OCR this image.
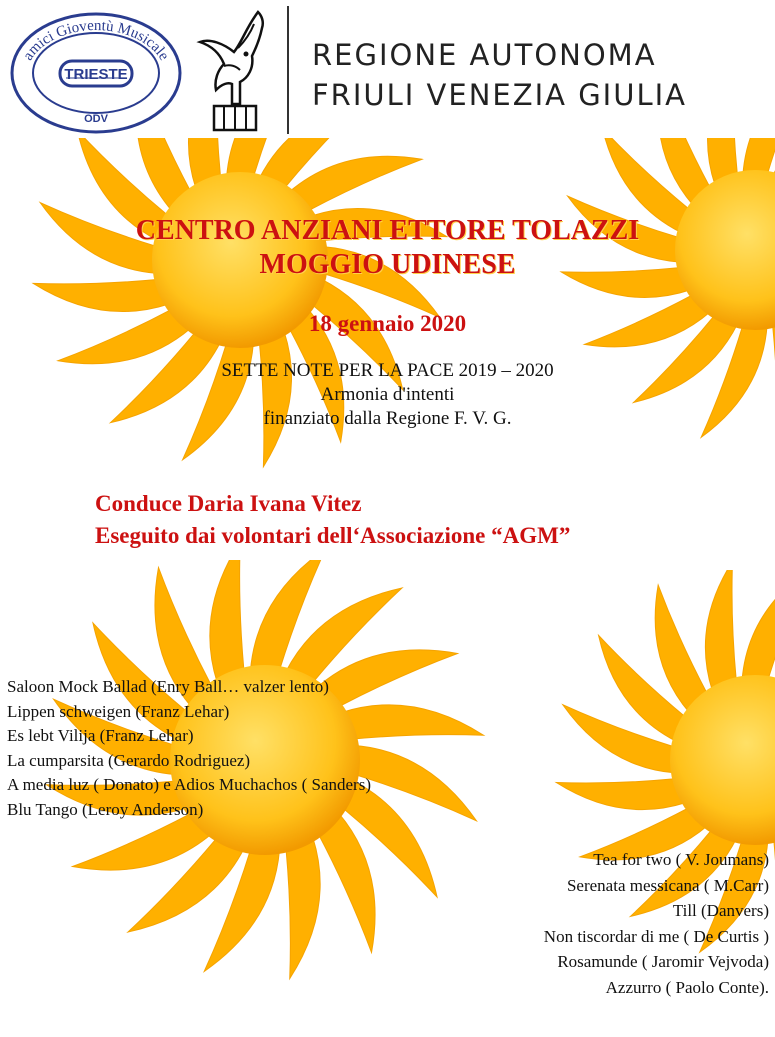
amici Gioventù Musicale
TRIESTE
ODV
REGIONE AUTONOMA
FRIULI VENEZIA GIULIA
CENTRO ANZIANI ETTORE TOLAZZI
MOGGIO UDINESE
18 gennaio 2020
SETTE NOTE PER LA PACE 2019 – 2020
Armonia d'intenti
finanziato dalla Regione F. V. G.
Conduce Daria Ivana Vitez
Eseguito dai volontari dell‘Associazione “AGM”
Saloon Mock Ballad (Enry Ball… valzer lento)
Lippen schweigen (Franz Lehar)
Es lebt Vilija (Franz Lehar)
La cumparsita (Gerardo Rodriguez)
A media luz ( Donato) e Adios Muchachos ( Sanders)
Blu Tango (Leroy Anderson)
Tea for two ( V. Joumans)
Serenata messicana ( M.Carr)
Till (Danvers)
Non tiscordar di me ( De Curtis )
Rosamunde ( Jaromir Vejvoda)
Azzurro ( Paolo Conte).
